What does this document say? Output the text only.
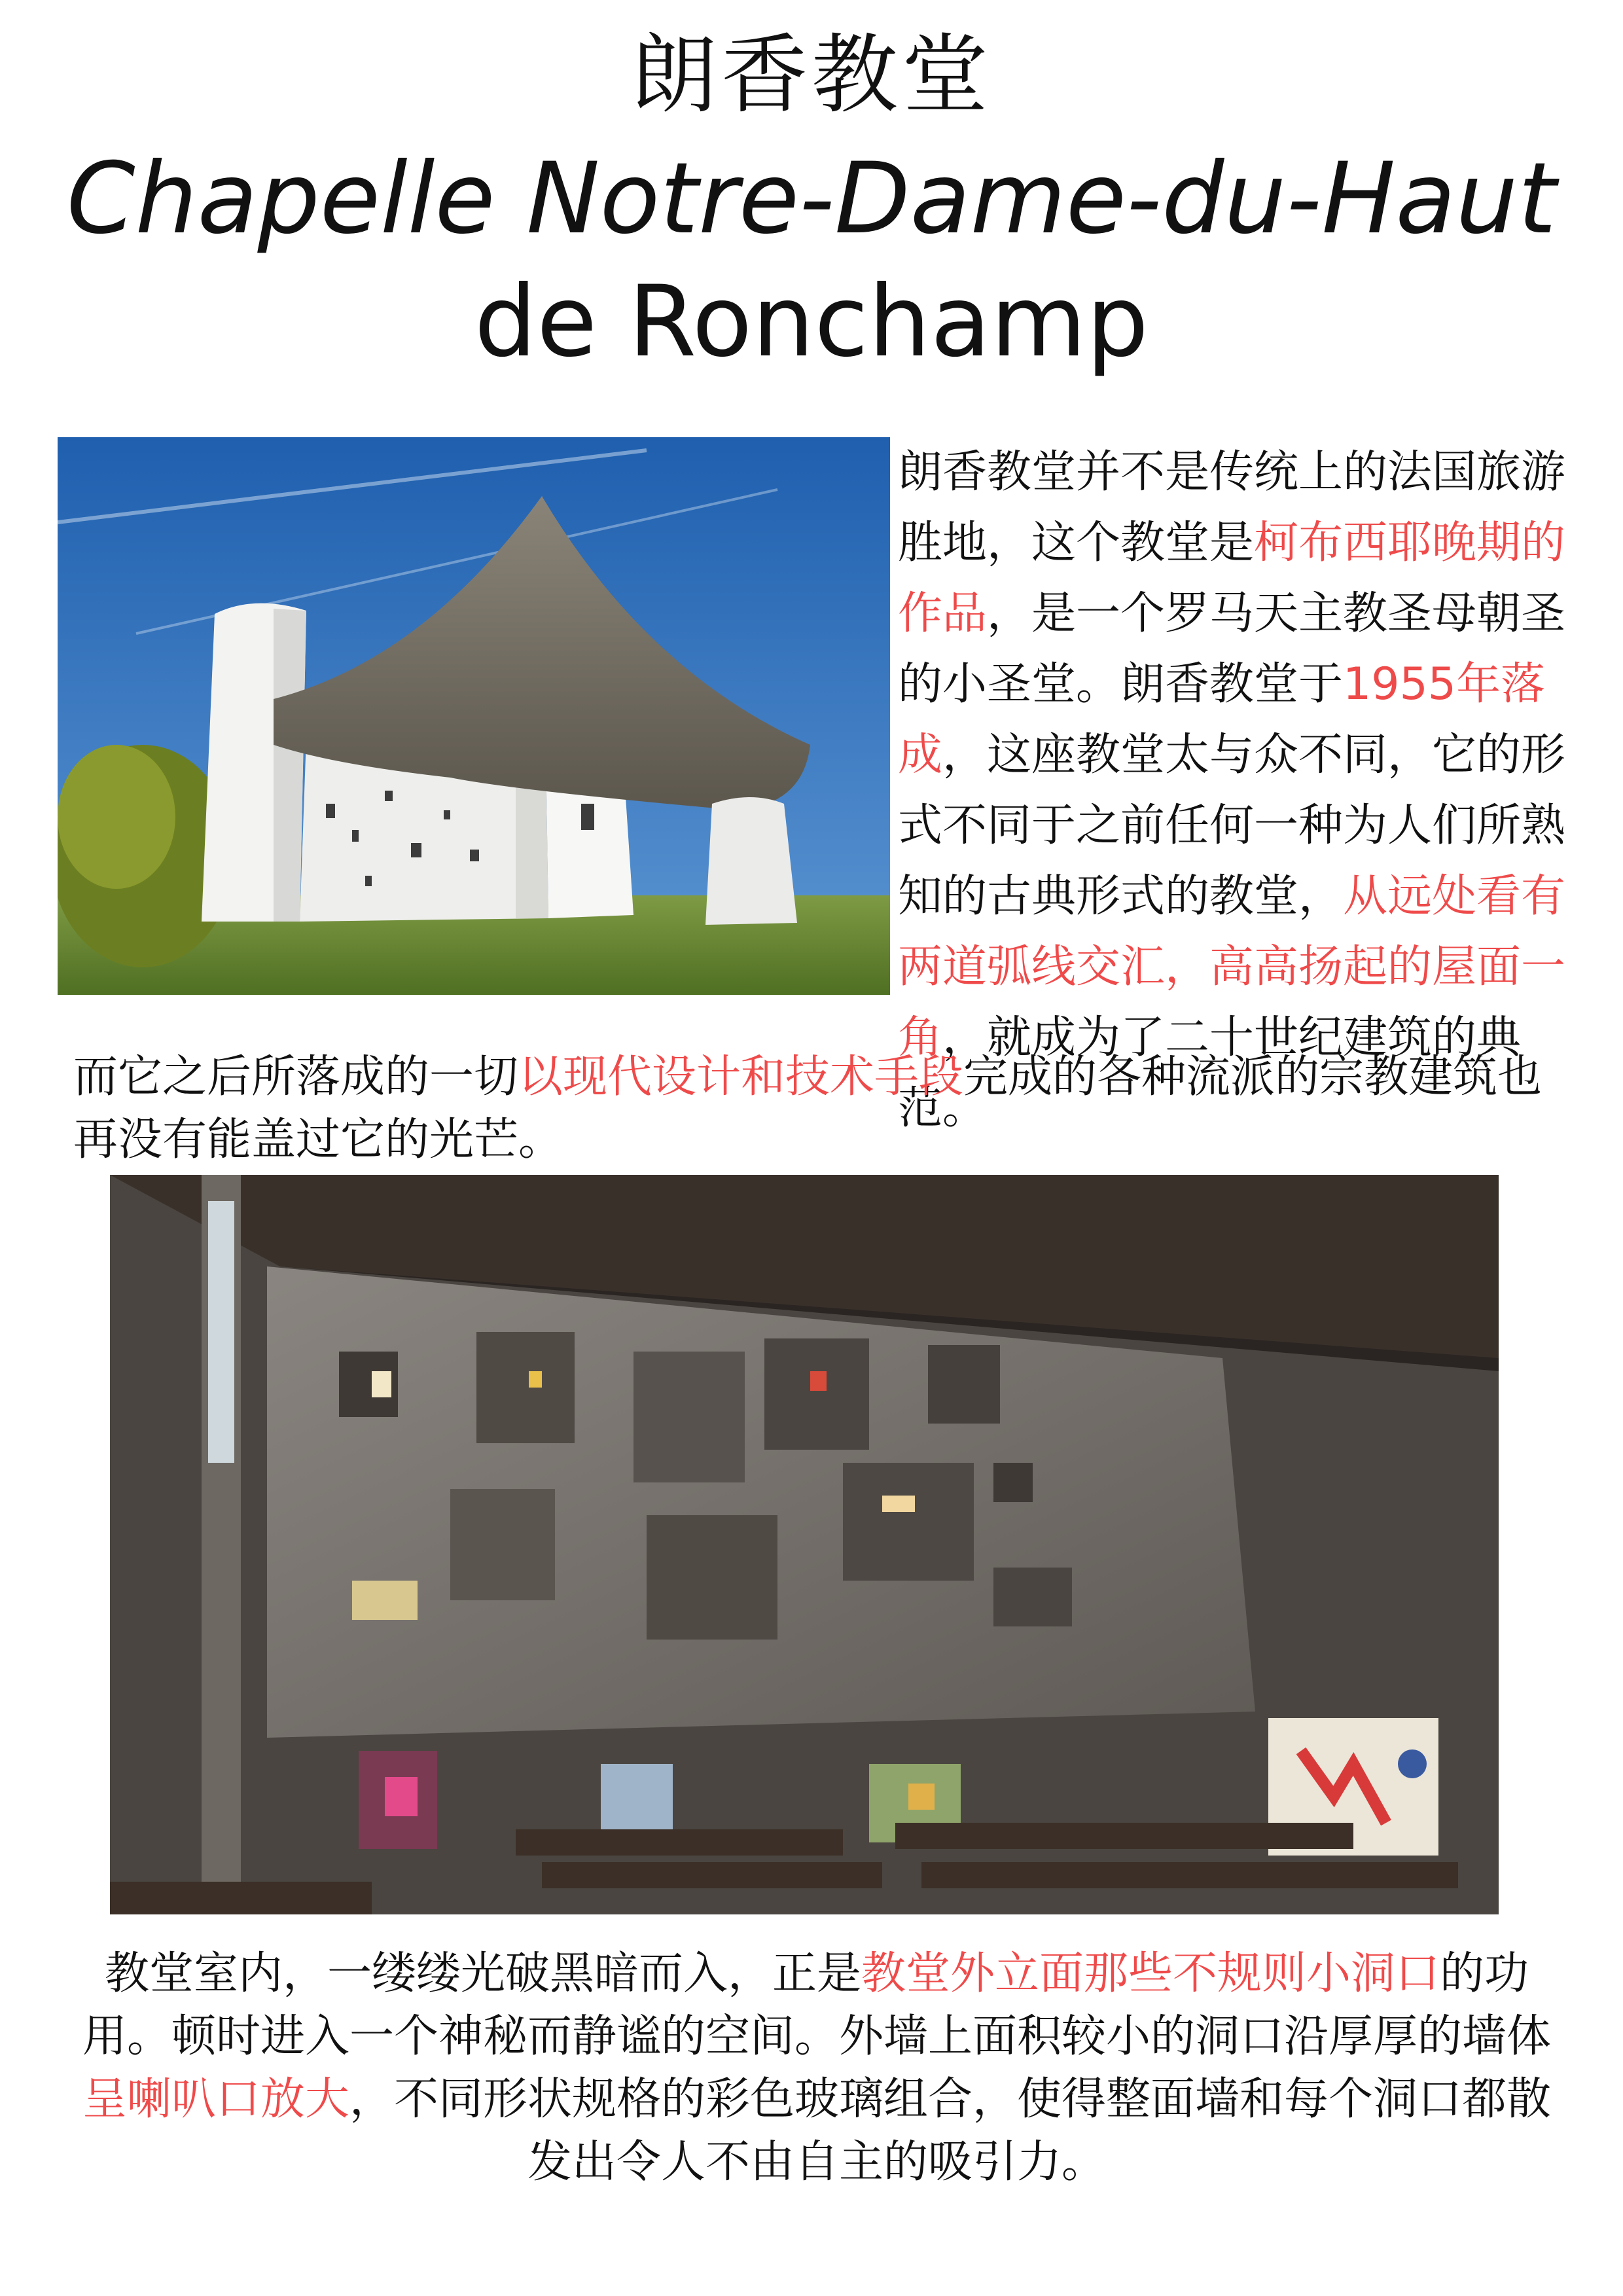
朗香教堂
Chapelle Notre-Dame-du-Haut
de Ronchamp
朗香教堂并不是传统上的法国旅游胜地，这个教堂是柯布西耶晚期的作品，是一个罗马天主教圣母朝圣的小圣堂。朗香教堂于1955年落成，这座教堂太与众不同，它的形式不同于之前任何一种为人们所熟知的古典形式的教堂，从远处看有两道弧线交汇，高高扬起的屋面一角，就成为了二十世纪建筑的典范。
而它之后所落成的一切以现代设计和技术手段完成的各种流派的宗教建筑也再没有能盖过它的光芒。
教堂室内，一缕缕光破黑暗而入，正是教堂外立面那些不规则小洞口的功用。顿时进入一个神秘而静谧的空间。外墙上面积较小的洞口沿厚厚的墙体呈喇叭口放大，不同形状规格的彩色玻璃组合，使得整面墙和每个洞口都散发出令人不由自主的吸引力。
